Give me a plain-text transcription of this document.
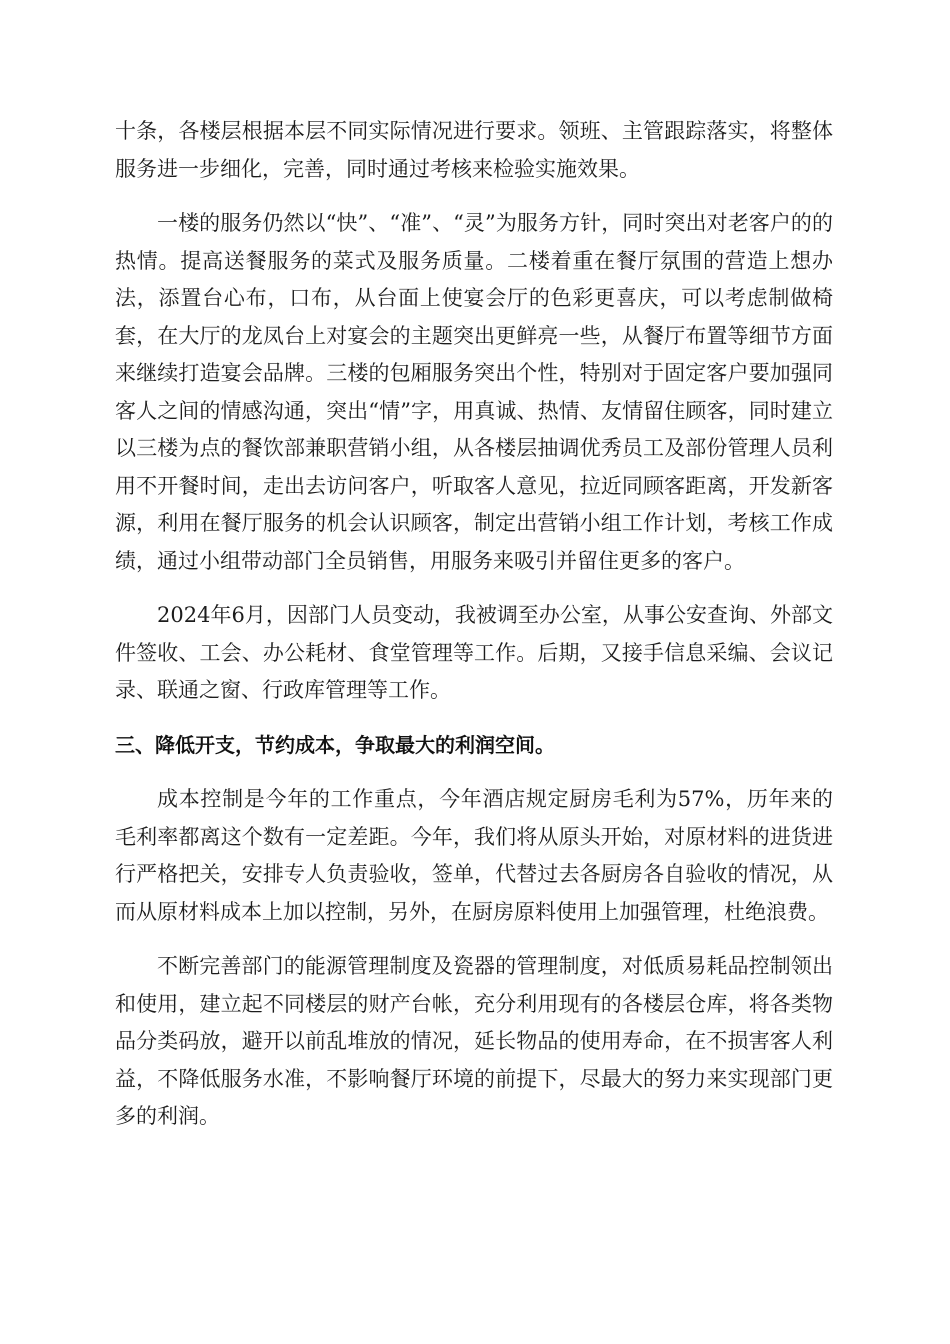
十条，各楼层根据本层不同实际情况进行要求。领班、主管跟踪落实，将整体服务进一步细化，完善，同时通过考核来检验实施效果。

一楼的服务仍然以“快”、“准”、“灵”为服务方针，同时突出对老客户的的热情。提高送餐服务的菜式及服务质量。二楼着重在餐厅氛围的营造上想办法，添置台心布，口布，从台面上使宴会厅的色彩更喜庆，可以考虑制做椅套，在大厅的龙凤台上对宴会的主题突出更鲜亮一些，从餐厅布置等细节方面来继续打造宴会品牌。三楼的包厢服务突出个性，特别对于固定客户要加强同客人之间的情感沟通，突出“情”字，用真诚、热情、友情留住顾客，同时建立以三楼为点的餐饮部兼职营销小组，从各楼层抽调优秀员工及部份管理人员利用不开餐时间，走出去访问客户，听取客人意见，拉近同顾客距离，开发新客源，利用在餐厅服务的机会认识顾客，制定出营销小组工作计划，考核工作成绩，通过小组带动部门全员销售，用服务来吸引并留住更多的客户。

2024年6月，因部门人员变动，我被调至办公室，从事公安查询、外部文件签收、工会、办公耗材、食堂管理等工作。后期，又接手信息采编、会议记录、联通之窗、行政库管理等工作。

三、降低开支，节约成本，争取最大的利润空间。

成本控制是今年的工作重点，今年酒店规定厨房毛利为57%，历年来的毛利率都离这个数有一定差距。今年，我们将从原头开始，对原材料的进货进行严格把关，安排专人负责验收，签单，代替过去各厨房各自验收的情况，从而从原材料成本上加以控制，另外，在厨房原料使用上加强管理，杜绝浪费。

不断完善部门的能源管理制度及瓷器的管理制度，对低质易耗品控制领出和使用，建立起不同楼层的财产台帐，充分利用现有的各楼层仓库，将各类物品分类码放，避开以前乱堆放的情况，延长物品的使用寿命，在不损害客人利益，不降低服务水准，不影响餐厅环境的前提下，尽最大的努力来实现部门更多的利润。
